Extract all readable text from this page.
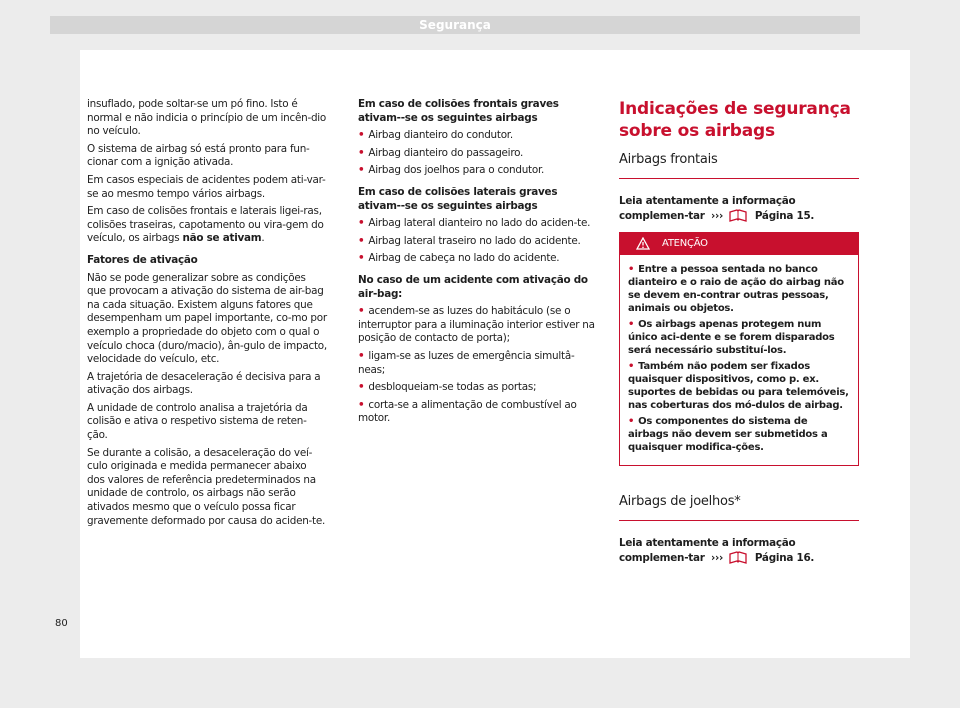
Segurança
80

insuflado, pode soltar-se um pó fino. Isto é normal e não indicia o princípio de um incên-dio no veículo.

O sistema de airbag só está pronto para fun-cionar com a ignição ativada.

Em casos especiais de acidentes podem ati-var-se ao mesmo tempo vários airbags.

Em caso de colisões frontais e laterais ligei-ras, colisões traseiras, capotamento ou vira-gem do veículo, os airbags não se ativam.

Fatores de ativação

Não se pode generalizar sobre as condições que provocam a ativação do sistema de air-bag na cada situação. Existem alguns fatores que desempenham um papel importante, co-mo por exemplo a propriedade do objeto com o qual o veículo choca (duro/macio), ân-gulo de impacto, velocidade do veículo, etc.

A trajetória de desaceleração é decisiva para a ativação dos airbags.

A unidade de controlo analisa a trajetória da colisão e ativa o respetivo sistema de reten-ção.

Se durante a colisão, a desaceleração do veí-culo originada e medida permanecer abaixo dos valores de referência predeterminados na unidade de controlo, os airbags não serão ativados mesmo que o veículo possa ficar gravemente deformado por causa do aciden-te.

Em caso de colisões frontais graves ativam--se os seguintes airbags

• Airbag dianteiro do condutor.

• Airbag dianteiro do passageiro.

• Airbag dos joelhos para o condutor.

Em caso de colisões laterais graves ativam--se os seguintes airbags

• Airbag lateral dianteiro no lado do aciden-te.

• Airbag lateral traseiro no lado do acidente.

• Airbag de cabeça no lado do acidente.

No caso de um acidente com ativação do air-bag:

• acendem-se as luzes do habitáculo (se o interruptor para a iluminação interior estiver na posição de contacto de porta);

• ligam-se as luzes de emergência simultâ-neas;

• desbloqueiam-se todas as portas;

• corta-se a alimentação de combustível ao motor.

Indicações de segurança sobre os airbags

Airbags frontais

Leia atentamente a informação complemen-tar ›››	Página 15.

ATENÇÃO

• Entre a pessoa sentada no banco dianteiro e o raio de ação do airbag não se devem en-contrar outras pessoas, animais ou objetos.

• Os airbags apenas protegem num único aci-dente e se forem disparados será necessário substituí-los.

• Também não podem ser fixados quaisquer dispositivos, como p. ex. suportes de bebidas ou para telemóveis, nas coberturas dos mó-dulos de airbag.

• Os componentes do sistema de airbags não devem ser submetidos a quaisquer modifica-ções.

Airbags de joelhos*

Leia atentamente a informação complemen-tar ›››	Página 16.
